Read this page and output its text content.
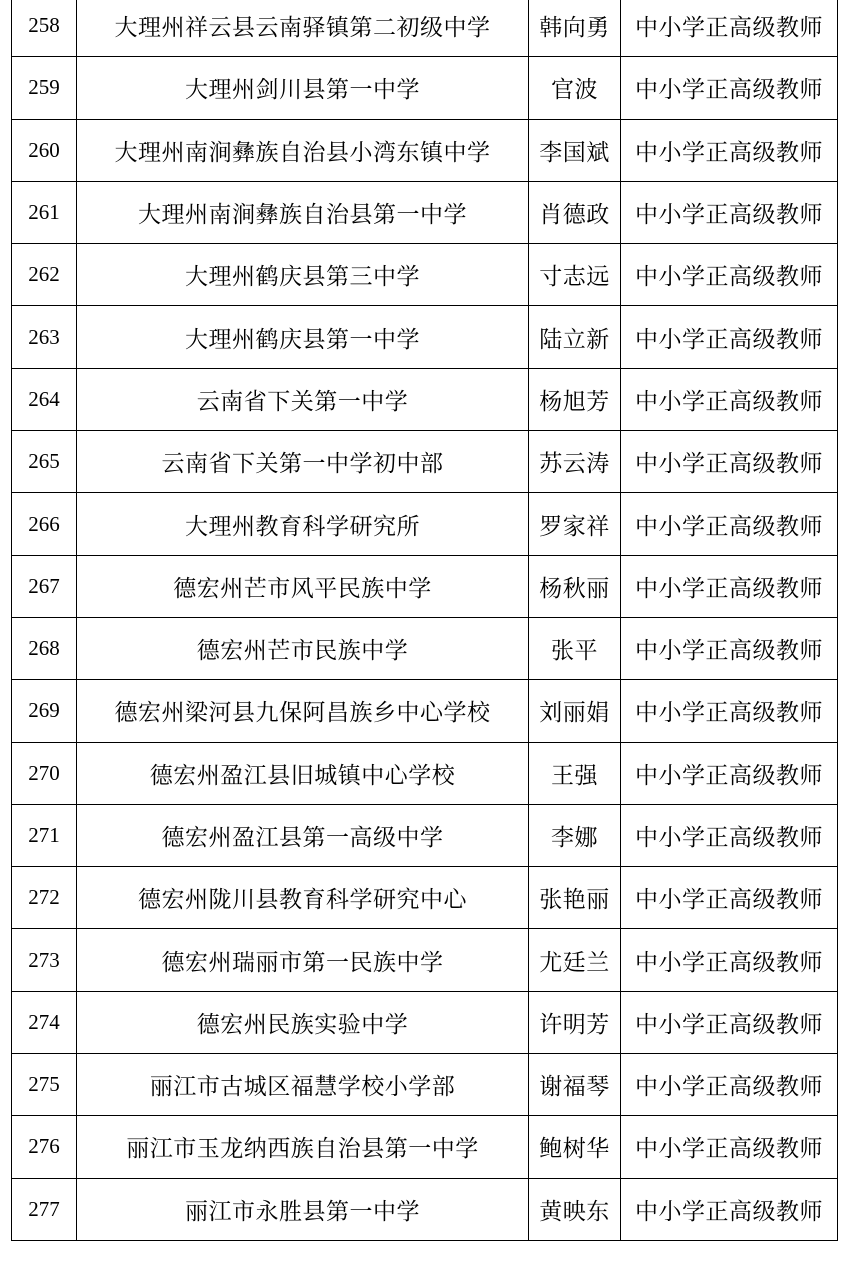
258	大理州祥云县云南驿镇第二初级中学	韩向勇	中小学正高级教师
259	大理州剑川县第一中学	官波	中小学正高级教师
260	大理州南涧彝族自治县小湾东镇中学	李国斌	中小学正高级教师
261	大理州南涧彝族自治县第一中学	肖德政	中小学正高级教师
262	大理州鹤庆县第三中学	寸志远	中小学正高级教师
263	大理州鹤庆县第一中学	陆立新	中小学正高级教师
264	云南省下关第一中学	杨旭芳	中小学正高级教师
265	云南省下关第一中学初中部	苏云涛	中小学正高级教师
266	大理州教育科学研究所	罗家祥	中小学正高级教师
267	德宏州芒市风平民族中学	杨秋丽	中小学正高级教师
268	德宏州芒市民族中学	张平	中小学正高级教师
269	德宏州梁河县九保阿昌族乡中心学校	刘丽娟	中小学正高级教师
270	德宏州盈江县旧城镇中心学校	王强	中小学正高级教师
271	德宏州盈江县第一高级中学	李娜	中小学正高级教师
272	德宏州陇川县教育科学研究中心	张艳丽	中小学正高级教师
273	德宏州瑞丽市第一民族中学	尤廷兰	中小学正高级教师
274	德宏州民族实验中学	许明芳	中小学正高级教师
275	丽江市古城区福慧学校小学部	谢福琴	中小学正高级教师
276	丽江市玉龙纳西族自治县第一中学	鲍树华	中小学正高级教师
277	丽江市永胜县第一中学	黄映东	中小学正高级教师
